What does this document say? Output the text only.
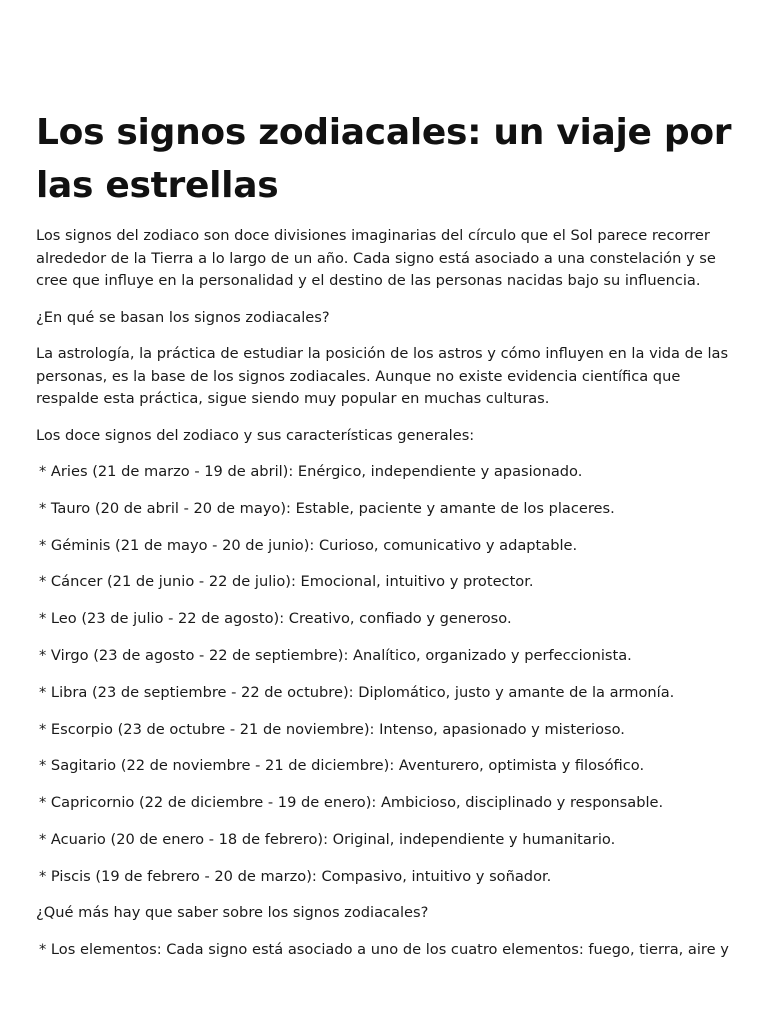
Los signos zodiacales: un viaje por las estrellas

Los signos del zodiaco son doce divisiones imaginarias del círculo que el Sol parece recorrer alrededor de la Tierra a lo largo de un año. Cada signo está asociado a una constelación y se cree que influye en la personalidad y el destino de las personas nacidas bajo su influencia.

¿En qué se basan los signos zodiacales?

La astrología, la práctica de estudiar la posición de los astros y cómo influyen en la vida de las personas, es la base de los signos zodiacales. Aunque no existe evidencia científica que respalde esta práctica, sigue siendo muy popular en muchas culturas.

Los doce signos del zodiaco y sus características generales:

* Aries (21 de marzo - 19 de abril): Enérgico, independiente y apasionado.
* Tauro (20 de abril - 20 de mayo): Estable, paciente y amante de los placeres.
* Géminis (21 de mayo - 20 de junio): Curioso, comunicativo y adaptable.
* Cáncer (21 de junio - 22 de julio): Emocional, intuitivo y protector.
* Leo (23 de julio - 22 de agosto): Creativo, confiado y generoso.
* Virgo (23 de agosto - 22 de septiembre): Analítico, organizado y perfeccionista.
* Libra (23 de septiembre - 22 de octubre): Diplomático, justo y amante de la armonía.
* Escorpio (23 de octubre - 21 de noviembre): Intenso, apasionado y misterioso.
* Sagitario (22 de noviembre - 21 de diciembre): Aventurero, optimista y filosófico.
* Capricornio (22 de diciembre - 19 de enero): Ambicioso, disciplinado y responsable.
* Acuario (20 de enero - 18 de febrero): Original, independiente y humanitario.
* Piscis (19 de febrero - 20 de marzo): Compasivo, intuitivo y soñador.

¿Qué más hay que saber sobre los signos zodiacales?

* Los elementos: Cada signo está asociado a uno de los cuatro elementos: fuego, tierra, aire y
